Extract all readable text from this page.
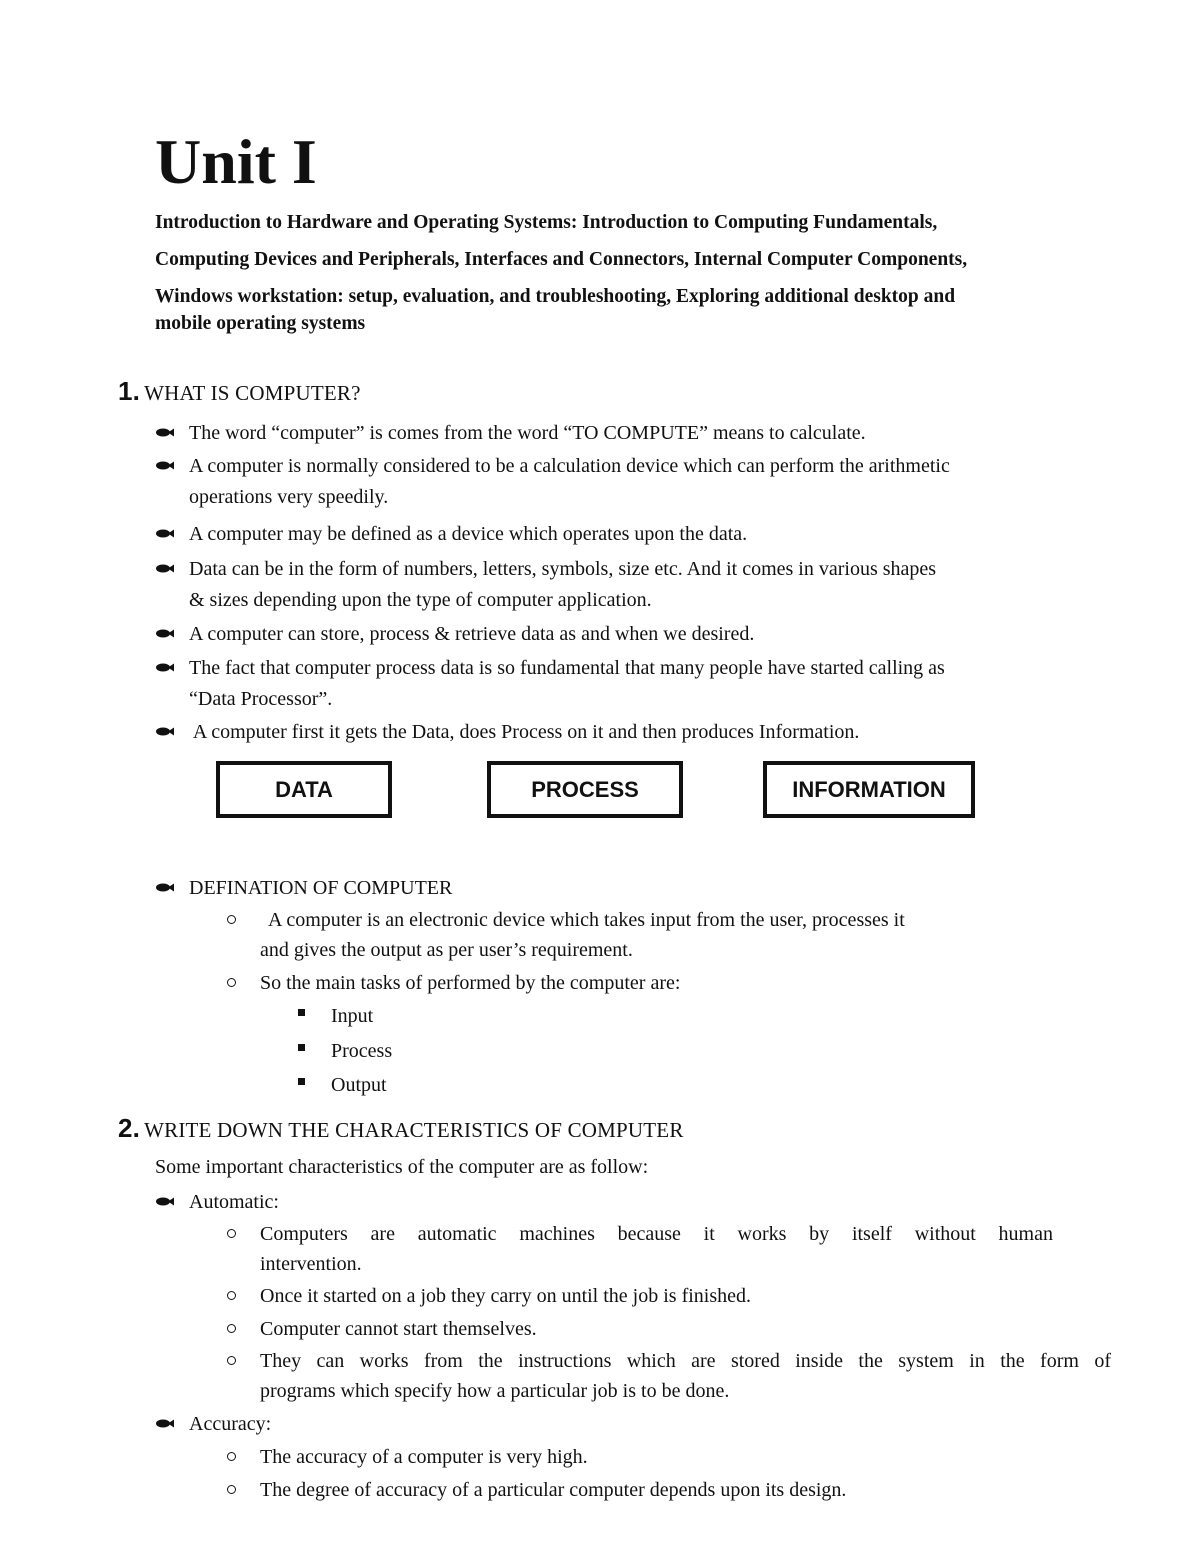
Unit I
Introduction to Hardware and Operating Systems: Introduction to Computing Fundamentals,
Computing Devices and Peripherals, Interfaces and Connectors, Internal Computer Components,
Windows workstation: setup, evaluation, and troubleshooting, Exploring additional desktop and
mobile operating systems
1. WHAT IS COMPUTER?
The word “computer” is comes from the word “TO COMPUTE” means to calculate.
A computer is normally considered to be a calculation device which can perform the arithmetic
operations very speedily.
A computer may be defined as a device which operates upon the data.
Data can be in the form of numbers, letters, symbols, size etc. And it comes in various shapes
& sizes depending upon the type of computer application.
A computer can store, process & retrieve data as and when we desired.
The fact that computer process data is so fundamental that many people have started calling as
“Data Processor”.
A computer first it gets the Data, does Process on it and then produces Information.
DATA	PROCESS	INFORMATION
DEFINATION OF COMPUTER
A computer is an electronic device which takes input from the user, processes it
and gives the output as per user’s requirement.
So the main tasks of performed by the computer are:
Input
Process
Output
2. WRITE DOWN THE CHARACTERISTICS OF COMPUTER
Some important characteristics of the computer are as follow:
Automatic:
Computers are automatic machines because it works by itself without human
intervention.
Once it started on a job they carry on until the job is finished.
Computer cannot start themselves.
They can works from the instructions which are stored inside the system in the form of
programs which specify how a particular job is to be done.
Accuracy:
The accuracy of a computer is very high.
The degree of accuracy of a particular computer depends upon its design.
